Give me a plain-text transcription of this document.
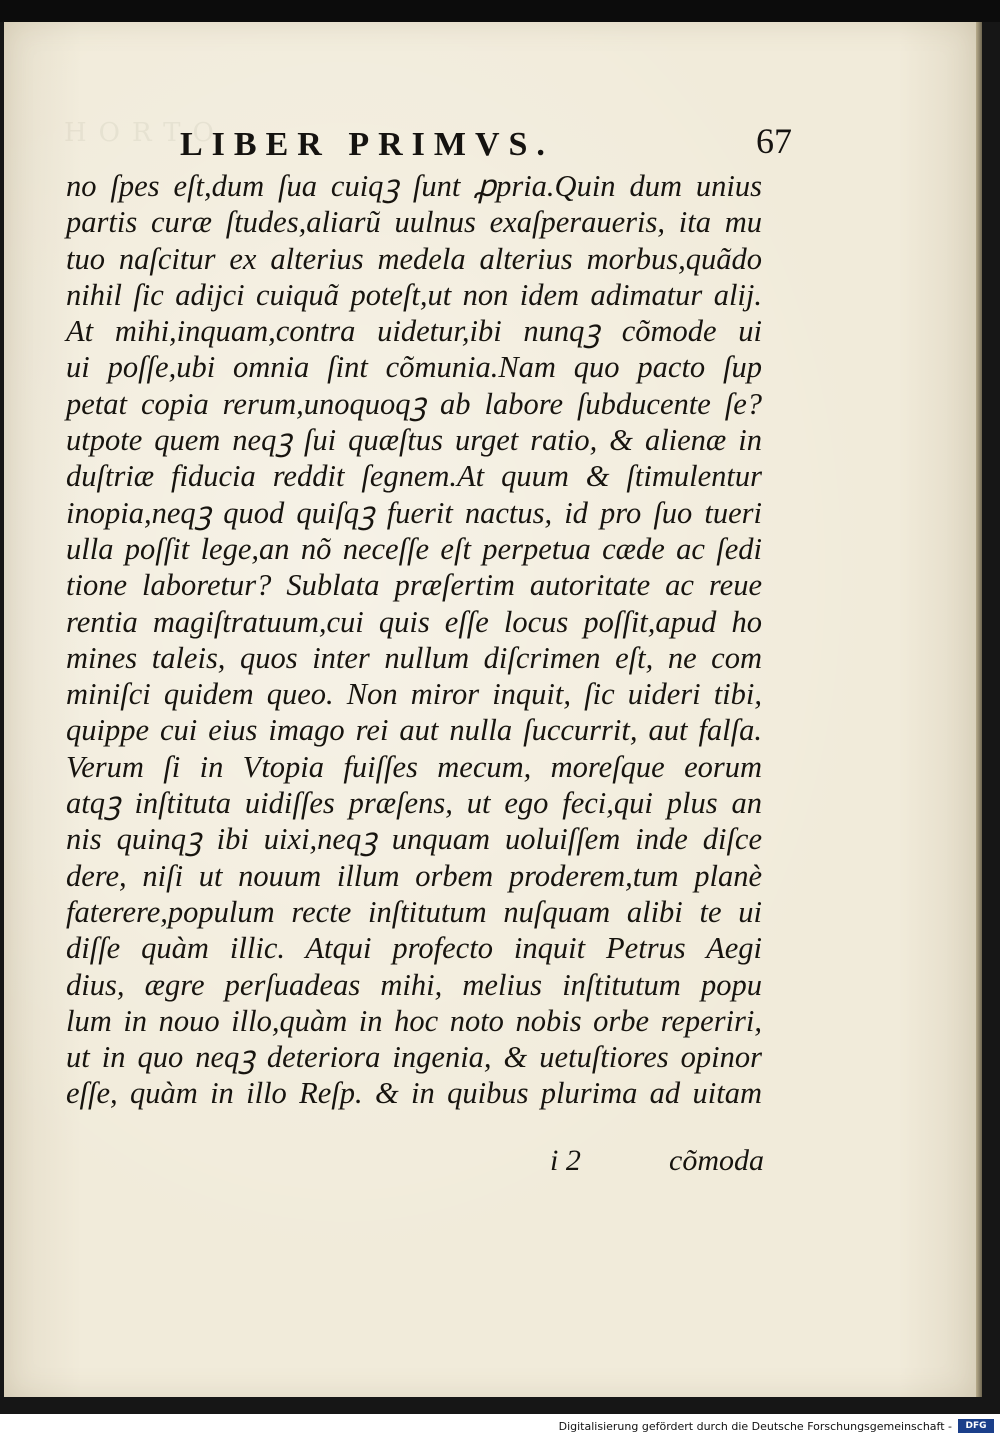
HORTO
LIBER PRIMVS.	67
no ſpes eſt,dum ſua cuiqꝫ ſunt ꝓpria.Quin dum unius
partis curæ ſtudes,aliarũ uulnus exaſperaueris, ita mu
tuo naſcitur ex alterius medela alterius morbus,quãdo
nihil ſic adijci cuiquã poteſt,ut non idem adimatur alij.
At mihi,inquam,contra uidetur,ibi nunqꝫ cõmode ui
ui poſſe,ubi omnia ſint cõmunia.Nam quo pacto ſup
petat copia rerum,unoquoqꝫ ab labore ſubducente ſe?
utpote quem neqꝫ ſui quæſtus urget ratio, & alienæ in
duſtriæ fiducia reddit ſegnem.At quum & ſtimulentur
inopia,neqꝫ quod quiſqꝫ fuerit nactus, id pro ſuo tueri
ulla poſſit lege,an nõ neceſſe eſt perpetua cæde ac ſedi
tione laboretur? Sublata præſertim autoritate ac reue
rentia magiſtratuum,cui quis eſſe locus poſſit,apud ho
mines taleis, quos inter nullum diſcrimen eſt, ne com
miniſci quidem queo. Non miror inquit, ſic uideri tibi,
quippe cui eius imago rei aut nulla ſuccurrit, aut falſa.
Verum ſi in Vtopia fuiſſes mecum, moreſque eorum
atqꝫ inſtituta uidiſſes præſens, ut ego feci,qui plus an
nis quinqꝫ ibi uixi,neqꝫ unquam uoluiſſem inde diſce
dere, niſi ut nouum illum orbem proderem,tum planè
faterere,populum recte inſtitutum nuſquam alibi te ui
diſſe quàm illic. Atqui profecto inquit Petrus Aegi
dius, ægre perſuadeas mihi, melius inſtitutum popu
lum in nouo illo,quàm in hoc noto nobis orbe reperiri,
ut in quo neqꝫ deteriora ingenia, & uetuſtiores opinor
eſſe, quàm in illo Reſp. & in quibus plurima ad uitam
i 2	cõmoda
Digitalisierung gefördert durch die Deutsche Forschungsgemeinschaft -	DFG
